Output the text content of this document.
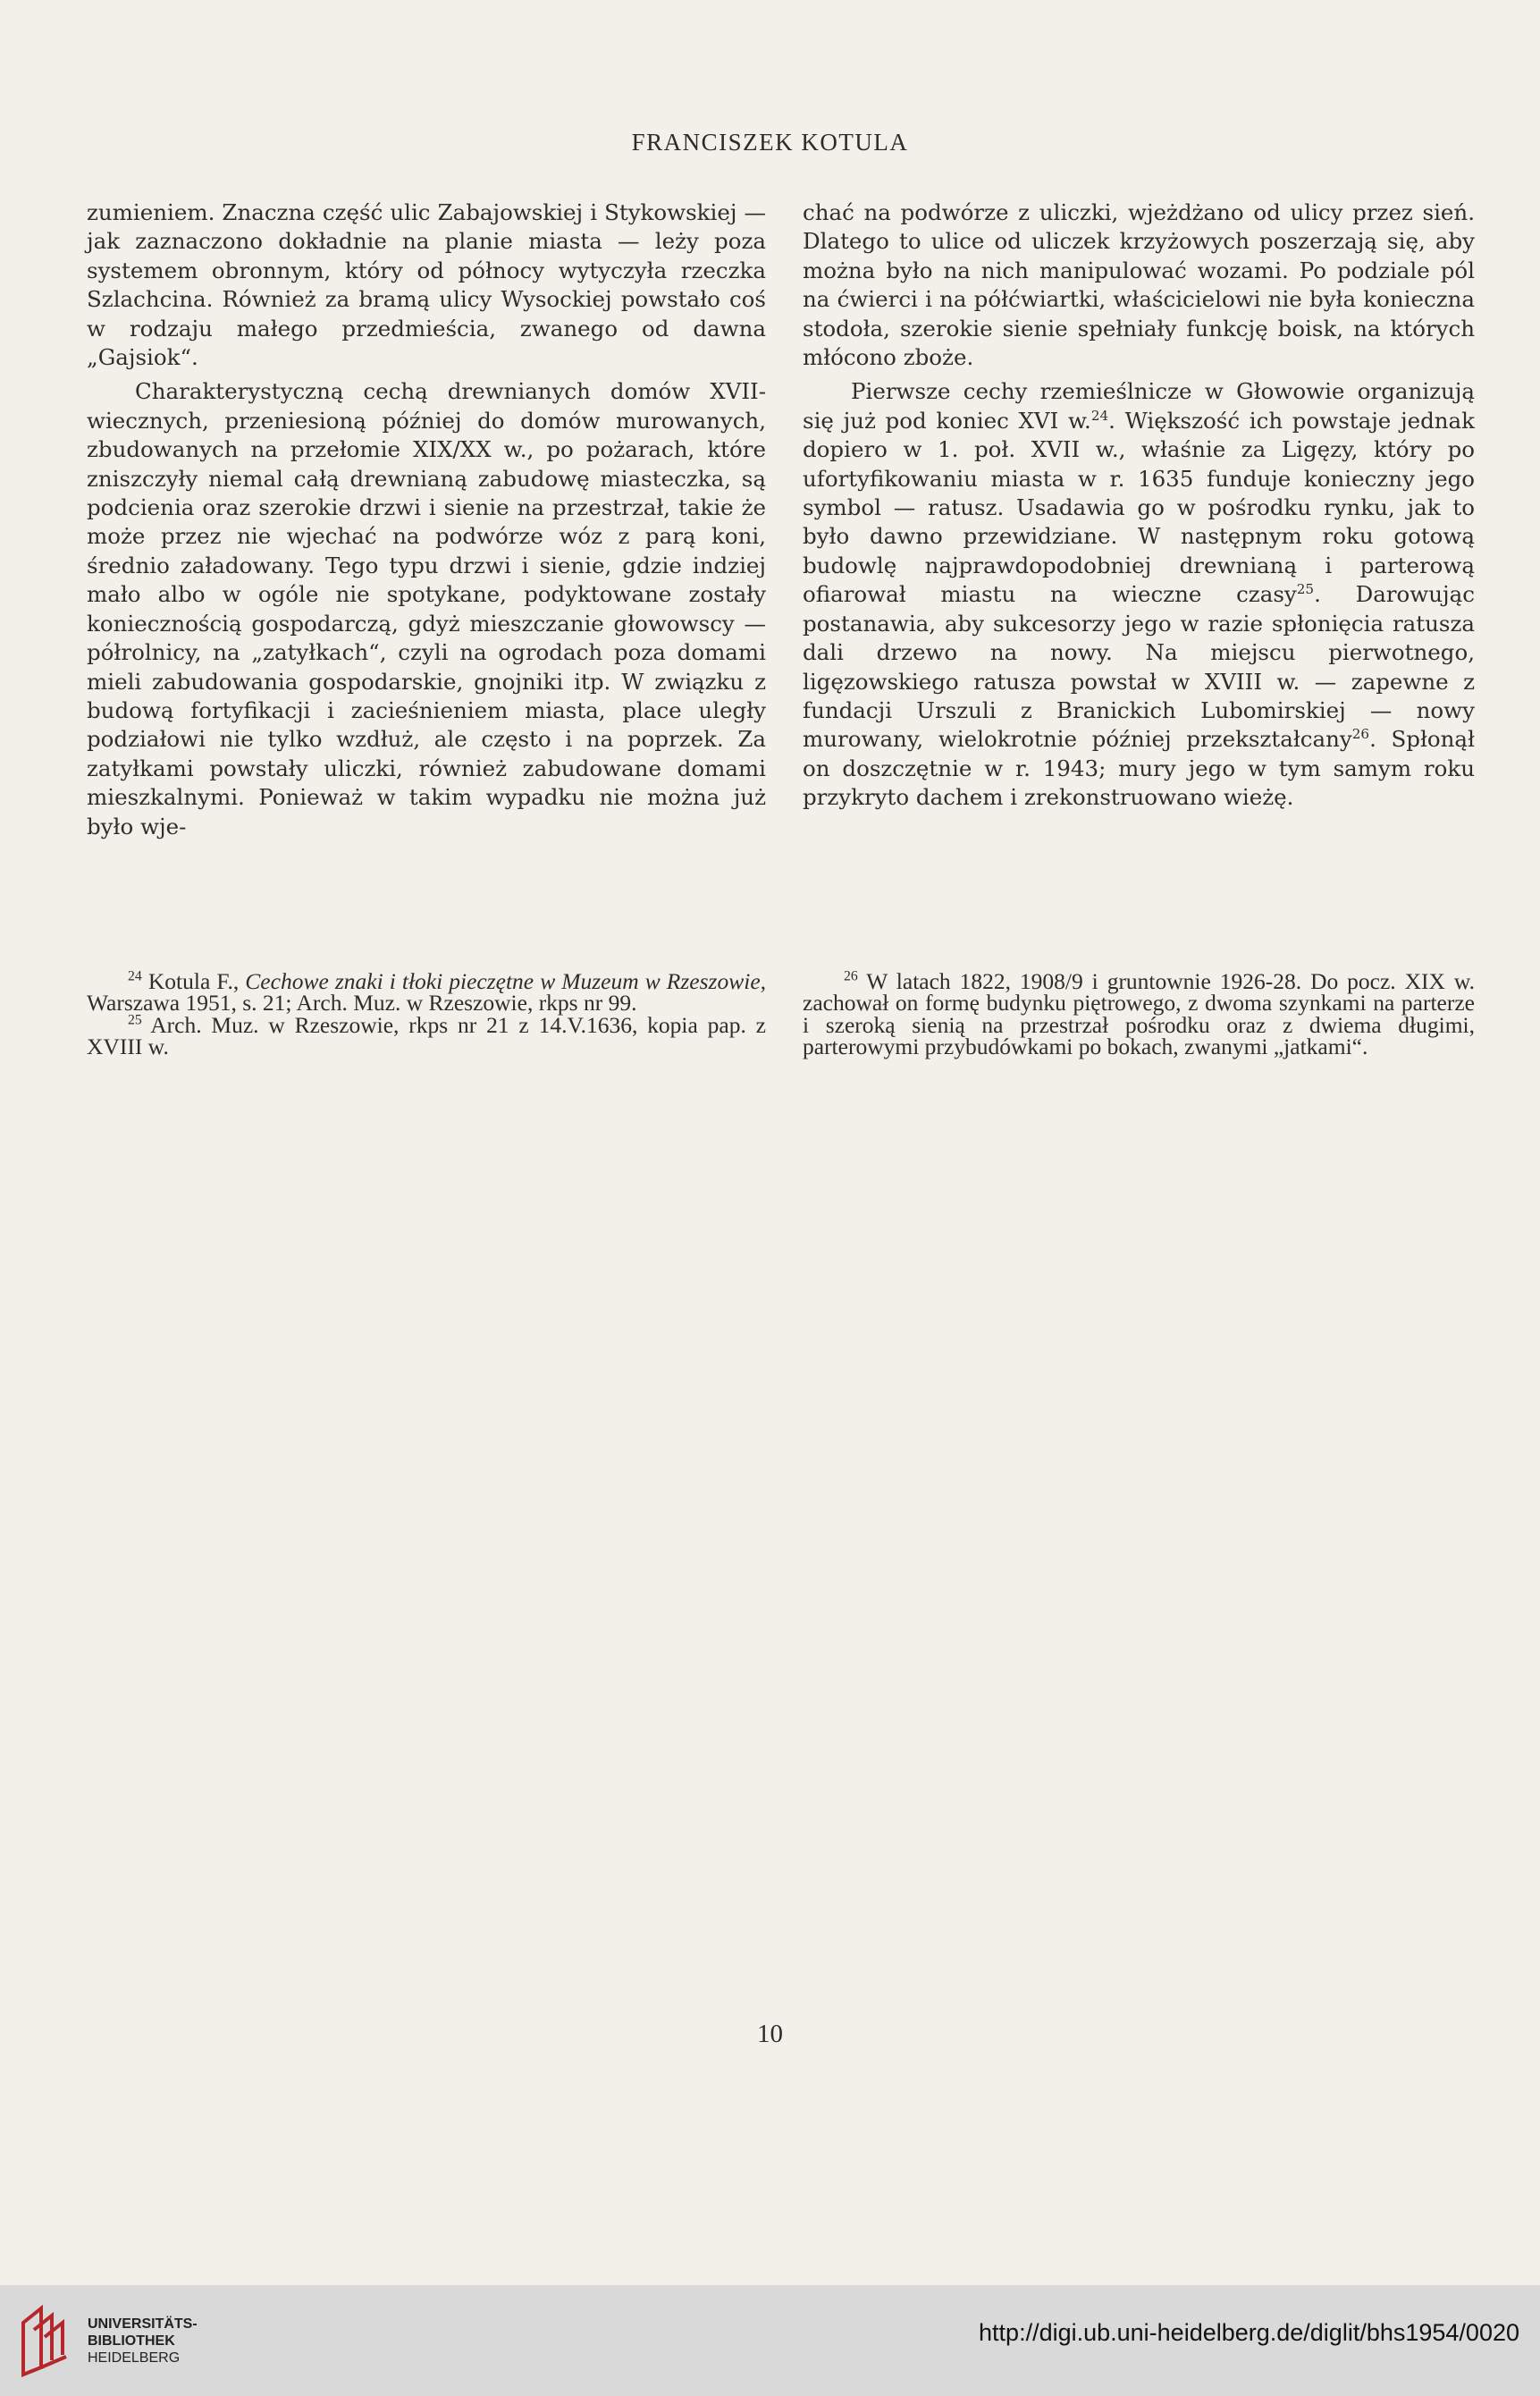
FRANCISZEK KOTULA

zumieniem. Znaczna część ulic Zabajowskiej i Stykowskiej — jak zaznaczono dokładnie na planie miasta — leży poza systemem obronnym, który od północy wytyczyła rzeczka Szlachcina. Również za bramą ulicy Wysockiej powstało coś w rodzaju małego przedmieścia, zwanego od dawna „Gajsiok“.

Charakterystyczną cechą drewnianych domów XVII-wiecznych, przeniesioną później do domów murowanych, zbudowanych na przełomie XIX/XX w., po pożarach, które zniszczyły niemal całą drewnianą zabudowę miasteczka, są podcienia oraz szerokie drzwi i sienie na przestrzał, takie że może przez nie wjechać na podwórze wóz z parą koni, średnio załadowany. Tego typu drzwi i sienie, gdzie indziej mało albo w ogóle nie spotykane, podyktowane zostały koniecznością gospodarczą, gdyż mieszczanie głowowscy — półrolnicy, na „zatyłkach“, czyli na ogrodach poza domami mieli zabudowania gospodarskie, gnojniki itp. W związku z budową fortyfikacji i zacieśnieniem miasta, place uległy podziałowi nie tylko wzdłuż, ale często i na poprzek. Za zatyłkami powstały uliczki, również zabudowane domami mieszkalnymi. Ponieważ w takim wypadku nie można już było wje-

chać na podwórze z uliczki, wjeżdżano od ulicy przez sień. Dlatego to ulice od uliczek krzyżowych poszerzają się, aby można było na nich manipulować wozami. Po podziale pól na ćwierci i na półćwiartki, właścicielowi nie była konieczna stodoła, szerokie sienie spełniały funkcję boisk, na których młócono zboże.

Pierwsze cechy rzemieślnicze w Głowowie organizują się już pod koniec XVI w.$^{24}$. Większość ich powstaje jednak dopiero w 1. poł. XVII w., właśnie za Ligęzy, który po ufortyfikowaniu miasta w r. 1635 funduje konieczny jego symbol — ratusz. Usadawia go w pośrodku rynku, jak to było dawno przewidziane. W następnym roku gotową budowlę najprawdopodobniej drewnianą i parterową ofiarował miastu na wieczne czasy$^{25}$. Darowując postanawia, aby sukcesorzy jego w razie spłonięcia ratusza dali drzewo na nowy. Na miejscu pierwotnego, ligęzowskiego ratusza powstał w XVIII w. — zapewne z fundacji Urszuli z Branickich Lubomirskiej — nowy murowany, wielokrotnie później przekształcany$^{26}$. Spłonął on doszczętnie w r. 1943; mury jego w tym samym roku przykryto dachem i zrekonstruowano wieżę.

$^{24}$ Kotula F., Cechowe znaki i tłoki pieczętne w Muzeum w Rzeszowie, Warszawa 1951, s. 21; Arch. Muz. w Rzeszowie, rkps nr 99.

$^{25}$ Arch. Muz. w Rzeszowie, rkps nr 21 z 14.V.1636, kopia pap. z XVIII w.

$^{26}$ W latach 1822, 1908/9 i gruntownie 1926-28. Do pocz. XIX w. zachował on formę budynku piętrowego, z dwoma szynkami na parterze i szeroką sienią na przestrzał pośrodku oraz z dwiema długimi, parterowymi przybudówkami po bokach, zwanymi „jatkami“.

10
UNIVERSITÄTS-
BIBLIOTHEK
HEIDELBERG
http://digi.ub.uni-heidelberg.de/diglit/bhs1954/0020
